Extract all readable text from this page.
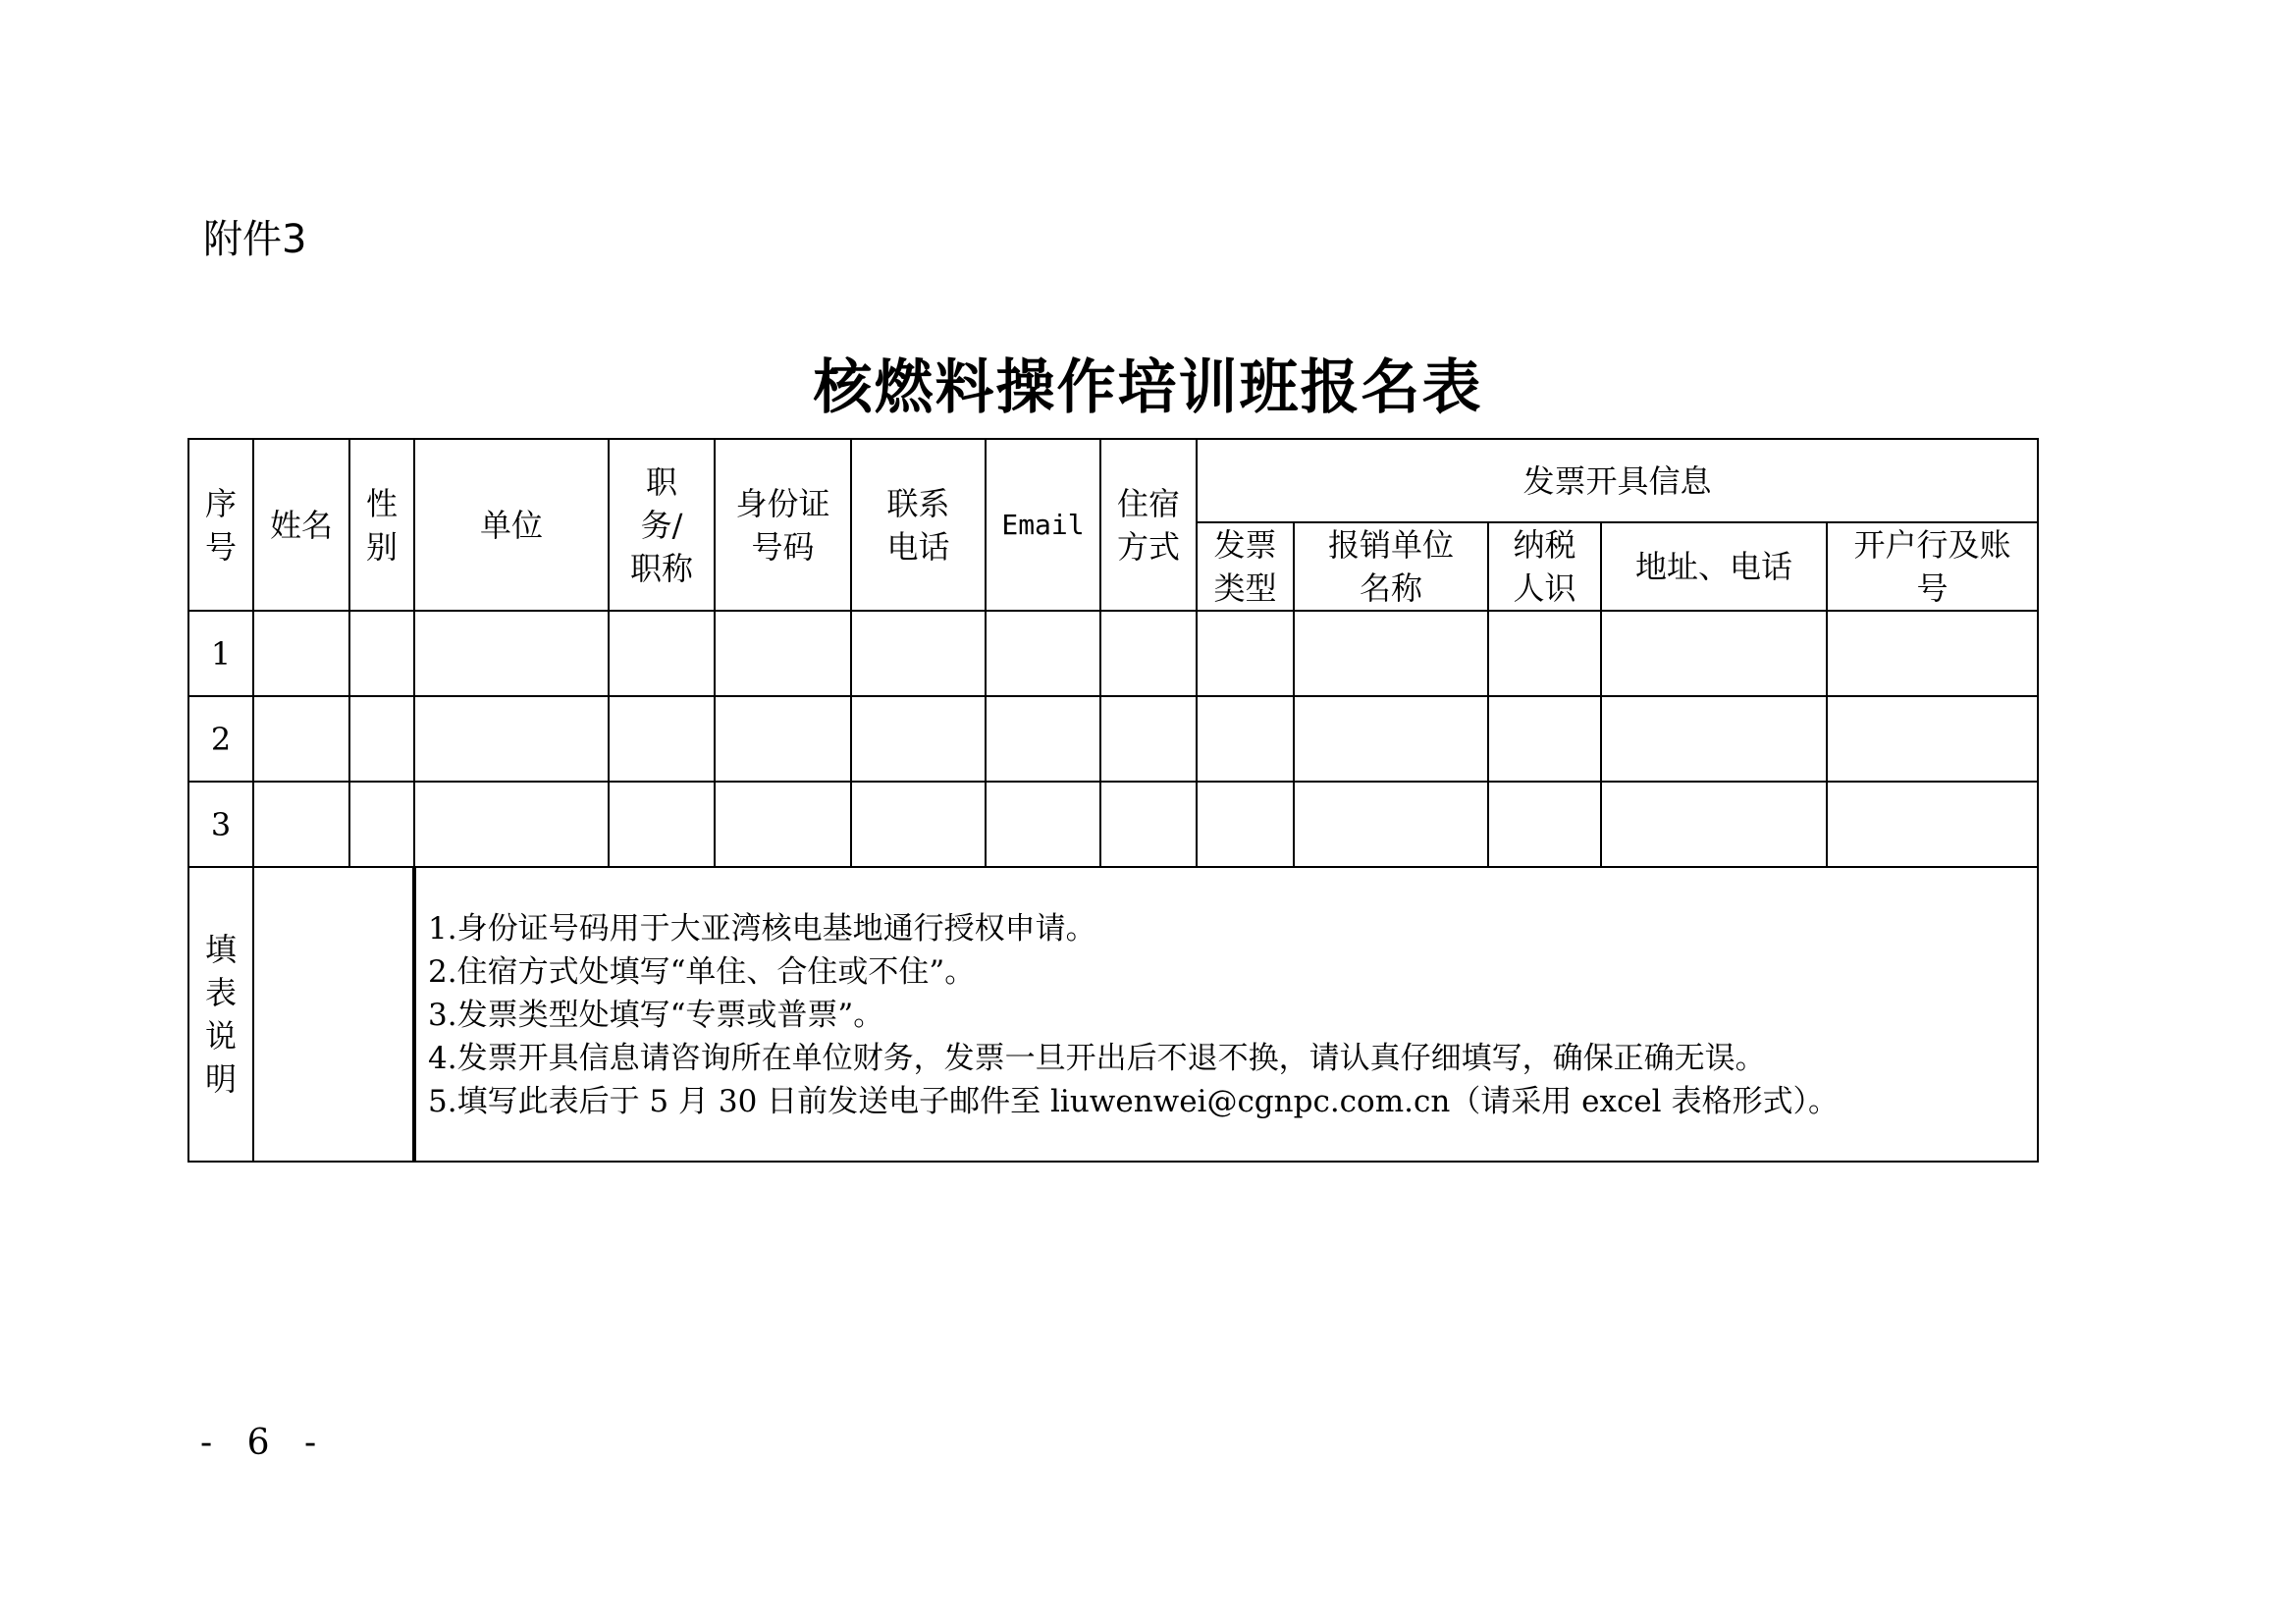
附件3
核燃料操作培训班报名表
序号	姓名	性别	单位	职务/职称	身份证号码	联系电话	Email	住宿方式	发票开具信息				

									发票类型	报销单位名称	纳税人识	地址、电话	开户行及账号

1													
2													
3													

填表说明			1.身份证号码用于大亚湾核电基地通行授权申请。
2.住宿方式处填写“单住、合住或不住”。
3.发票类型处填写“专票或普票”。
4.发票开具信息请咨询所在单位财务，发票一旦开出后不退不换，请认真仔细填写，确保正确无误。
5.填写此表后于 5 月 30 日前发送电子邮件至 liuwenwei@cgnpc.com.cn（请采用 excel 表格形式）。										
- 6 -
